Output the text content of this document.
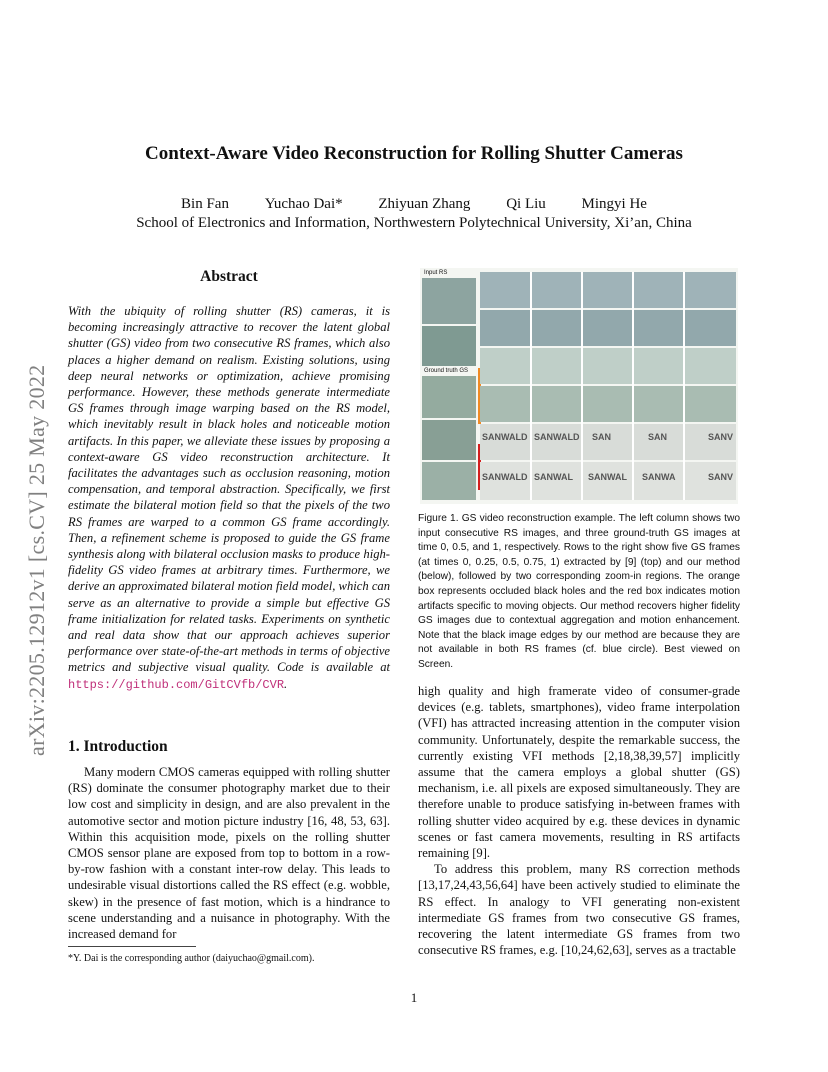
Context-Aware Video Reconstruction for Rolling Shutter Cameras
Bin Fan Yuchao Dai* Zhiyuan Zhang Qi Liu Mingyi He
School of Electronics and Information, Northwestern Polytechnical University, Xi’an, China
arXiv:2205.12912v1 [cs.CV] 25 May 2022
Abstract
With the ubiquity of rolling shutter (RS) cameras, it is becoming increasingly attractive to recover the latent global shutter (GS) video from two consecutive RS frames, which also places a higher demand on realism. Existing solutions, using deep neural networks or optimization, achieve promising performance. However, these methods generate intermediate GS frames through image warping based on the RS model, which inevitably result in black holes and noticeable motion artifacts. In this paper, we alleviate these issues by proposing a context-aware GS video reconstruction architecture. It facilitates the advantages such as occlusion reasoning, motion compensation, and temporal abstraction. Specifically, we first estimate the bilateral motion field so that the pixels of the two RS frames are warped to a common GS frame accordingly. Then, a refinement scheme is proposed to guide the GS frame synthesis along with bilateral occlusion masks to produce high-fidelity GS video frames at arbitrary times. Furthermore, we derive an approximated bilateral motion field model, which can serve as an alternative to provide a simple but effective GS frame initialization for related tasks. Experiments on synthetic and real data show that our approach achieves superior performance over state-of-the-art methods in terms of objective metrics and subjective visual quality. Code is available at https://github.com/GitCVfb/CVR.
1. Introduction
Many modern CMOS cameras equipped with rolling shutter (RS) dominate the consumer photography market due to their low cost and simplicity in design, and are also prevalent in the automotive sector and motion picture industry [16, 48, 53, 63]. Within this acquisition mode, pixels on the rolling shutter CMOS sensor plane are exposed from top to bottom in a row-by-row fashion with a constant inter-row delay. This leads to undesirable visual distortions called the RS effect (e.g. wobble, skew) in the presence of fast motion, which is a hindrance to scene understanding and a nuisance in photography. With the increased demand for
*Y. Dai is the corresponding author (daiyuchao@gmail.com).
Input RS
Ground truth GS
SANWALD SANWALD SAN	SAN	SANV
SANWALD SANWAL SANWAL SANWA	SANV
Figure 1. GS video reconstruction example. The left column shows two input consecutive RS images, and three ground-truth GS images at time 0, 0.5, and 1, respectively. Rows to the right show five GS frames (at times 0, 0.25, 0.5, 0.75, 1) extracted by [9] (top) and our method (below), followed by two corresponding zoom-in regions. The orange box represents occluded black holes and the red box indicates motion artifacts specific to moving objects. Our method recovers higher fidelity GS images due to contextual aggregation and motion enhancement. Note that the black image edges by our method are because they are not available in both RS frames (cf. blue circle). Best viewed on Screen.

high quality and high framerate video of consumer-grade devices (e.g. tablets, smartphones), video frame interpolation (VFI) has attracted increasing attention in the computer vision community. Unfortunately, despite the remarkable success, the currently existing VFI methods [2,18,38,39,57] implicitly assume that the camera employs a global shutter (GS) mechanism, i.e. all pixels are exposed simultaneously. They are therefore unable to produce satisfying in-between frames with rolling shutter video acquired by e.g. these devices in dynamic scenes or fast camera movements, resulting in RS artifacts remaining [9].

To address this problem, many RS correction methods [13,17,24,43,56,64] have been actively studied to eliminate the RS effect. In analogy to VFI generating non-existent intermediate GS frames from two consecutive GS frames, recovering the latent intermediate GS frames from two consecutive RS frames, e.g. [10,24,62,63], serves as a tractable

1
